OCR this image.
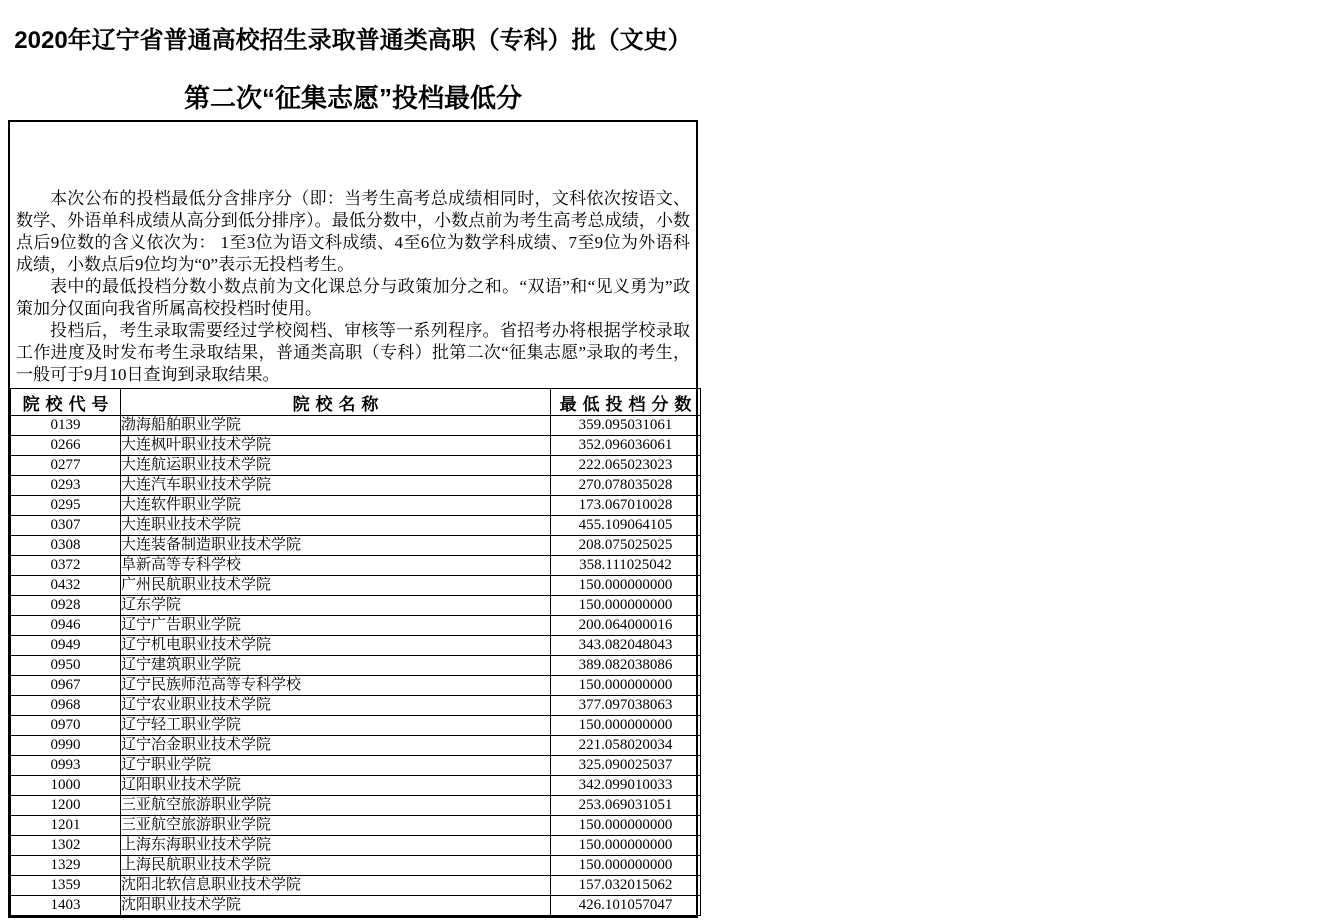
2020年辽宁省普通高校招生录取普通类高职（专科）批（文史）
第二次“征集志愿”投档最低分

本次公布的投档最低分含排序分（即：当考生高考总成绩相同时，文科依次按语文、数学、外语单科成绩从高分到低分排序）。最低分数中，小数点前为考生高考总成绩，小数点后9位数的含义依次为： 1至3位为语文科成绩、4至6位为数学科成绩、7至9位为外语科成绩，小数点后9位均为“0”表示无投档考生。

表中的最低投档分数小数点前为文化课总分与政策加分之和。“双语”和“见义勇为”政策加分仅面向我省所属高校投档时使用。

投档后，考生录取需要经过学校阅档、审核等一系列程序。省招考办将根据学校录取工作进度及时发布考生录取结果，普通类高职（专科）批第二次“征集志愿”录取的考生，一般可于9月10日查询到录取结果。

院校代号	院校名称	最低投档分数
0139	渤海船舶职业学院	359.095031061
0266	大连枫叶职业技术学院	352.096036061
0277	大连航运职业技术学院	222.065023023
0293	大连汽车职业技术学院	270.078035028
0295	大连软件职业学院	173.067010028
0307	大连职业技术学院	455.109064105
0308	大连装备制造职业技术学院	208.075025025
0372	阜新高等专科学校	358.111025042
0432	广州民航职业技术学院	150.000000000
0928	辽东学院	150.000000000
0946	辽宁广告职业学院	200.064000016
0949	辽宁机电职业技术学院	343.082048043
0950	辽宁建筑职业学院	389.082038086
0967	辽宁民族师范高等专科学校	150.000000000
0968	辽宁农业职业技术学院	377.097038063
0970	辽宁轻工职业学院	150.000000000
0990	辽宁冶金职业技术学院	221.058020034
0993	辽宁职业学院	325.090025037
1000	辽阳职业技术学院	342.099010033
1200	三亚航空旅游职业学院	253.069031051
1201	三亚航空旅游职业学院	150.000000000
1302	上海东海职业技术学院	150.000000000
1329	上海民航职业技术学院	150.000000000
1359	沈阳北软信息职业技术学院	157.032015062
1403	沈阳职业技术学院	426.101057047
